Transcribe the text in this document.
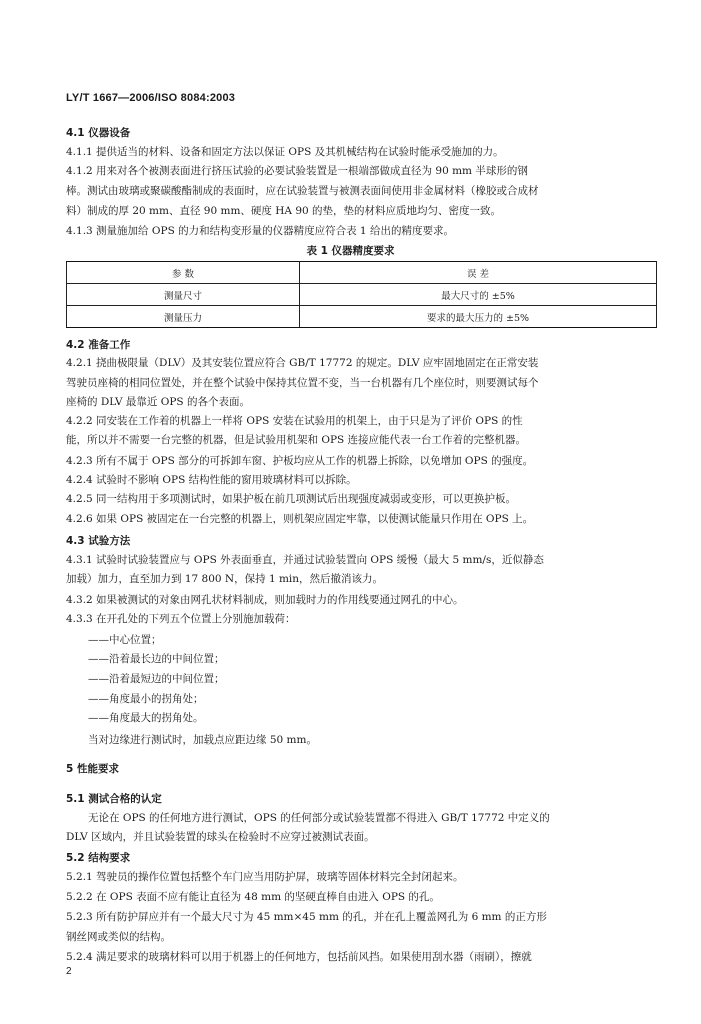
LY/T 1667—2006/ISO 8084:2003
4.1 仪器设备
4.1.1 提供适当的材料、设备和固定方法以保证 OPS 及其机械结构在试验时能承受施加的力。
4.1.2 用来对各个被测表面进行挤压试验的必要试验装置是一根端部做成直径为 90 mm 半球形的钢
棒。测试由玻璃或聚碳酸酯制成的表面时，应在试验装置与被测表面间使用非金属材料（橡胶或合成材
料）制成的厚 20 mm、直径 90 mm、硬度 HA 90 的垫，垫的材料应质地均匀、密度一致。
4.1.3 测量施加给 OPS 的力和结构变形量的仪器精度应符合表 1 给出的精度要求。
表 1 仪器精度要求
参 数	误 差
测量尺寸	最大尺寸的 ±5%
测量压力	要求的最大压力的 ±5%
4.2 准备工作
4.2.1 挠曲极限量（DLV）及其安装位置应符合 GB/T 17772 的规定。DLV 应牢固地固定在正常安装
驾驶员座椅的相同位置处，并在整个试验中保持其位置不变，当一台机器有几个座位时，则要测试每个
座椅的 DLV 最靠近 OPS 的各个表面。
4.2.2 同安装在工作着的机器上一样将 OPS 安装在试验用的机架上，由于只是为了评价 OPS 的性
能，所以并不需要一台完整的机器，但是试验用机架和 OPS 连接应能代表一台工作着的完整机器。
4.2.3 所有不属于 OPS 部分的可拆卸车窗、护板均应从工作的机器上拆除，以免增加 OPS 的强度。
4.2.4 试验时不影响 OPS 结构性能的窗用玻璃材料可以拆除。
4.2.5 同一结构用于多项测试时，如果护板在前几项测试后出现强度减弱或变形，可以更换护板。
4.2.6 如果 OPS 被固定在一台完整的机器上，则机架应固定牢靠，以使测试能量只作用在 OPS 上。
4.3 试验方法
4.3.1 试验时试验装置应与 OPS 外表面垂直，并通过试验装置向 OPS 缓慢（最大 5 mm/s，近似静态
加载）加力，直至加力到 17 800 N，保持 1 min，然后撤消该力。
4.3.2 如果被测试的对象由网孔状材料制成，则加载时力的作用线要通过网孔的中心。
4.3.3 在开孔处的下列五个位置上分别施加载荷：
——中心位置；
——沿着最长边的中间位置；
——沿着最短边的中间位置；
——角度最小的拐角处；
——角度最大的拐角处。
当对边缘进行测试时，加载点应距边缘 50 mm。
5 性能要求
5.1 测试合格的认定
无论在 OPS 的任何地方进行测试，OPS 的任何部分或试验装置都不得进入 GB/T 17772 中定义的
DLV 区域内，并且试验装置的球头在检验时不应穿过被测试表面。
5.2 结构要求
5.2.1 驾驶员的操作位置包括整个车门应当用防护屏，玻璃等固体材料完全封闭起来。
5.2.2 在 OPS 表面不应有能让直径为 48 mm 的坚硬直棒自由进入 OPS 的孔。
5.2.3 所有防护屏应并有一个最大尺寸为 45 mm×45 mm 的孔，并在孔上覆盖网孔为 6 mm 的正方形
钢丝网或类似的结构。
5.2.4 满足要求的玻璃材料可以用于机器上的任何地方，包括前风挡。如果使用刮水器（雨刷），擦就
2
